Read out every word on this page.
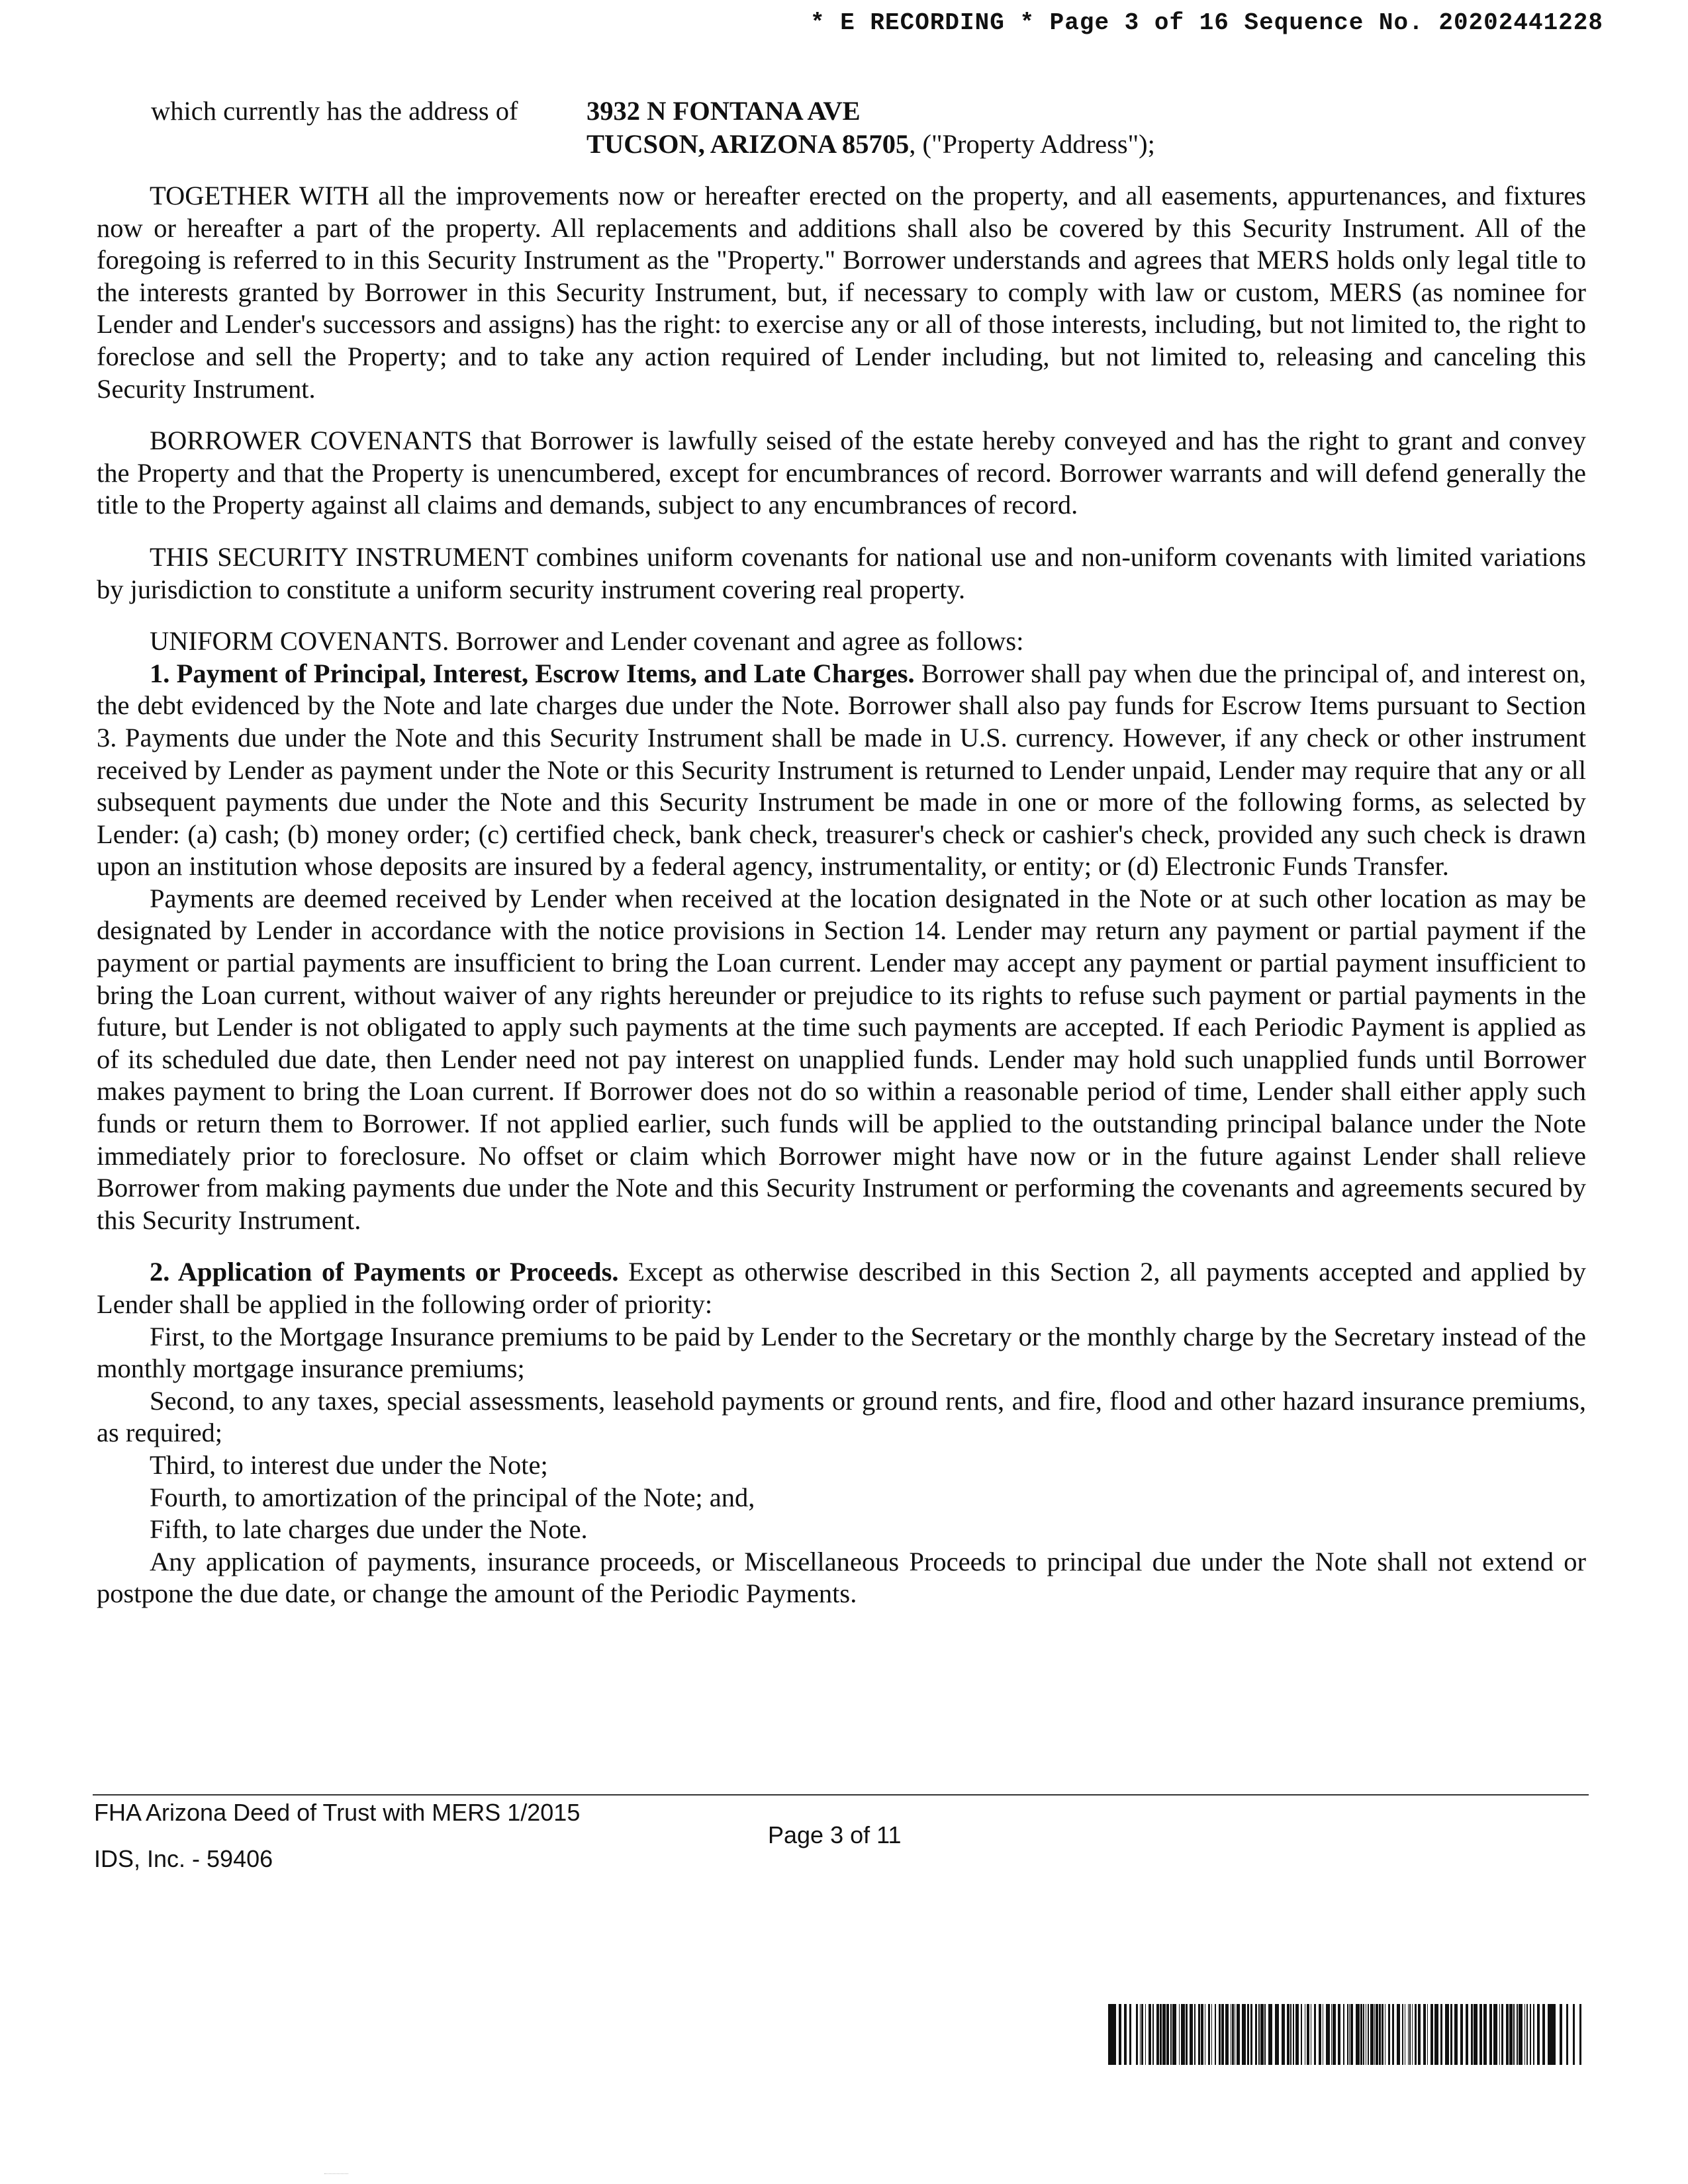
* E RECORDING * Page 3 of 16 Sequence No. 20202441228
which currently has the address of	3932 N FONTANA AVE
TUCSON, ARIZONA 85705, ("Property Address");

TOGETHER WITH all the improvements now or hereafter erected on the property, and all easements, appurtenances, and fixtures now or hereafter a part of the property. All replacements and additions shall also be covered by this Security Instrument. All of the foregoing is referred to in this Security Instrument as the "Property." Borrower understands and agrees that MERS holds only legal title to the interests granted by Borrower in this Security Instrument, but, if necessary to comply with law or custom, MERS (as nominee for Lender and Lender's successors and assigns) has the right: to exercise any or all of those interests, including, but not limited to, the right to foreclose and sell the Property; and to take any action required of Lender including, but not limited to, releasing and canceling this Security Instrument.

BORROWER COVENANTS that Borrower is lawfully seised of the estate hereby conveyed and has the right to grant and convey the Property and that the Property is unencumbered, except for encumbrances of record. Borrower warrants and will defend generally the title to the Property against all claims and demands, subject to any encumbrances of record.

THIS SECURITY INSTRUMENT combines uniform covenants for national use and non-uniform covenants with limited variations by jurisdiction to constitute a uniform security instrument covering real property.

UNIFORM COVENANTS. Borrower and Lender covenant and agree as follows:

1. Payment of Principal, Interest, Escrow Items, and Late Charges. Borrower shall pay when due the principal of, and interest on, the debt evidenced by the Note and late charges due under the Note. Borrower shall also pay funds for Escrow Items pursuant to Section 3. Payments due under the Note and this Security Instrument shall be made in U.S. currency. However, if any check or other instrument received by Lender as payment under the Note or this Security Instrument is returned to Lender unpaid, Lender may require that any or all subsequent payments due under the Note and this Security Instrument be made in one or more of the following forms, as selected by Lender: (a) cash; (b) money order; (c) certified check, bank check, treasurer's check or cashier's check, provided any such check is drawn upon an institution whose deposits are insured by a federal agency, instrumentality, or entity; or (d) Electronic Funds Transfer.

Payments are deemed received by Lender when received at the location designated in the Note or at such other location as may be designated by Lender in accordance with the notice provisions in Section 14. Lender may return any payment or partial payment if the payment or partial payments are insufficient to bring the Loan current. Lender may accept any payment or partial payment insufficient to bring the Loan current, without waiver of any rights hereunder or prejudice to its rights to refuse such payment or partial payments in the future, but Lender is not obligated to apply such payments at the time such payments are accepted. If each Periodic Payment is applied as of its scheduled due date, then Lender need not pay interest on unapplied funds. Lender may hold such unapplied funds until Borrower makes payment to bring the Loan current. If Borrower does not do so within a reasonable period of time, Lender shall either apply such funds or return them to Borrower. If not applied earlier, such funds will be applied to the outstanding principal balance under the Note immediately prior to foreclosure. No offset or claim which Borrower might have now or in the future against Lender shall relieve Borrower from making payments due under the Note and this Security Instrument or performing the covenants and agreements secured by this Security Instrument.

2. Application of Payments or Proceeds. Except as otherwise described in this Section 2, all payments accepted and applied by Lender shall be applied in the following order of priority:

First, to the Mortgage Insurance premiums to be paid by Lender to the Secretary or the monthly charge by the Secretary instead of the monthly mortgage insurance premiums;

Second, to any taxes, special assessments, leasehold payments or ground rents, and fire, flood and other hazard insurance premiums, as required;

Third, to interest due under the Note;

Fourth, to amortization of the principal of the Note; and,

Fifth, to late charges due under the Note.

Any application of payments, insurance proceeds, or Miscellaneous Proceeds to principal due under the Note shall not extend or postpone the due date, or change the amount of the Periodic Payments.

FHA Arizona Deed of Trust with MERS 1/2015
Page 3 of 11
IDS, Inc. - 59406
